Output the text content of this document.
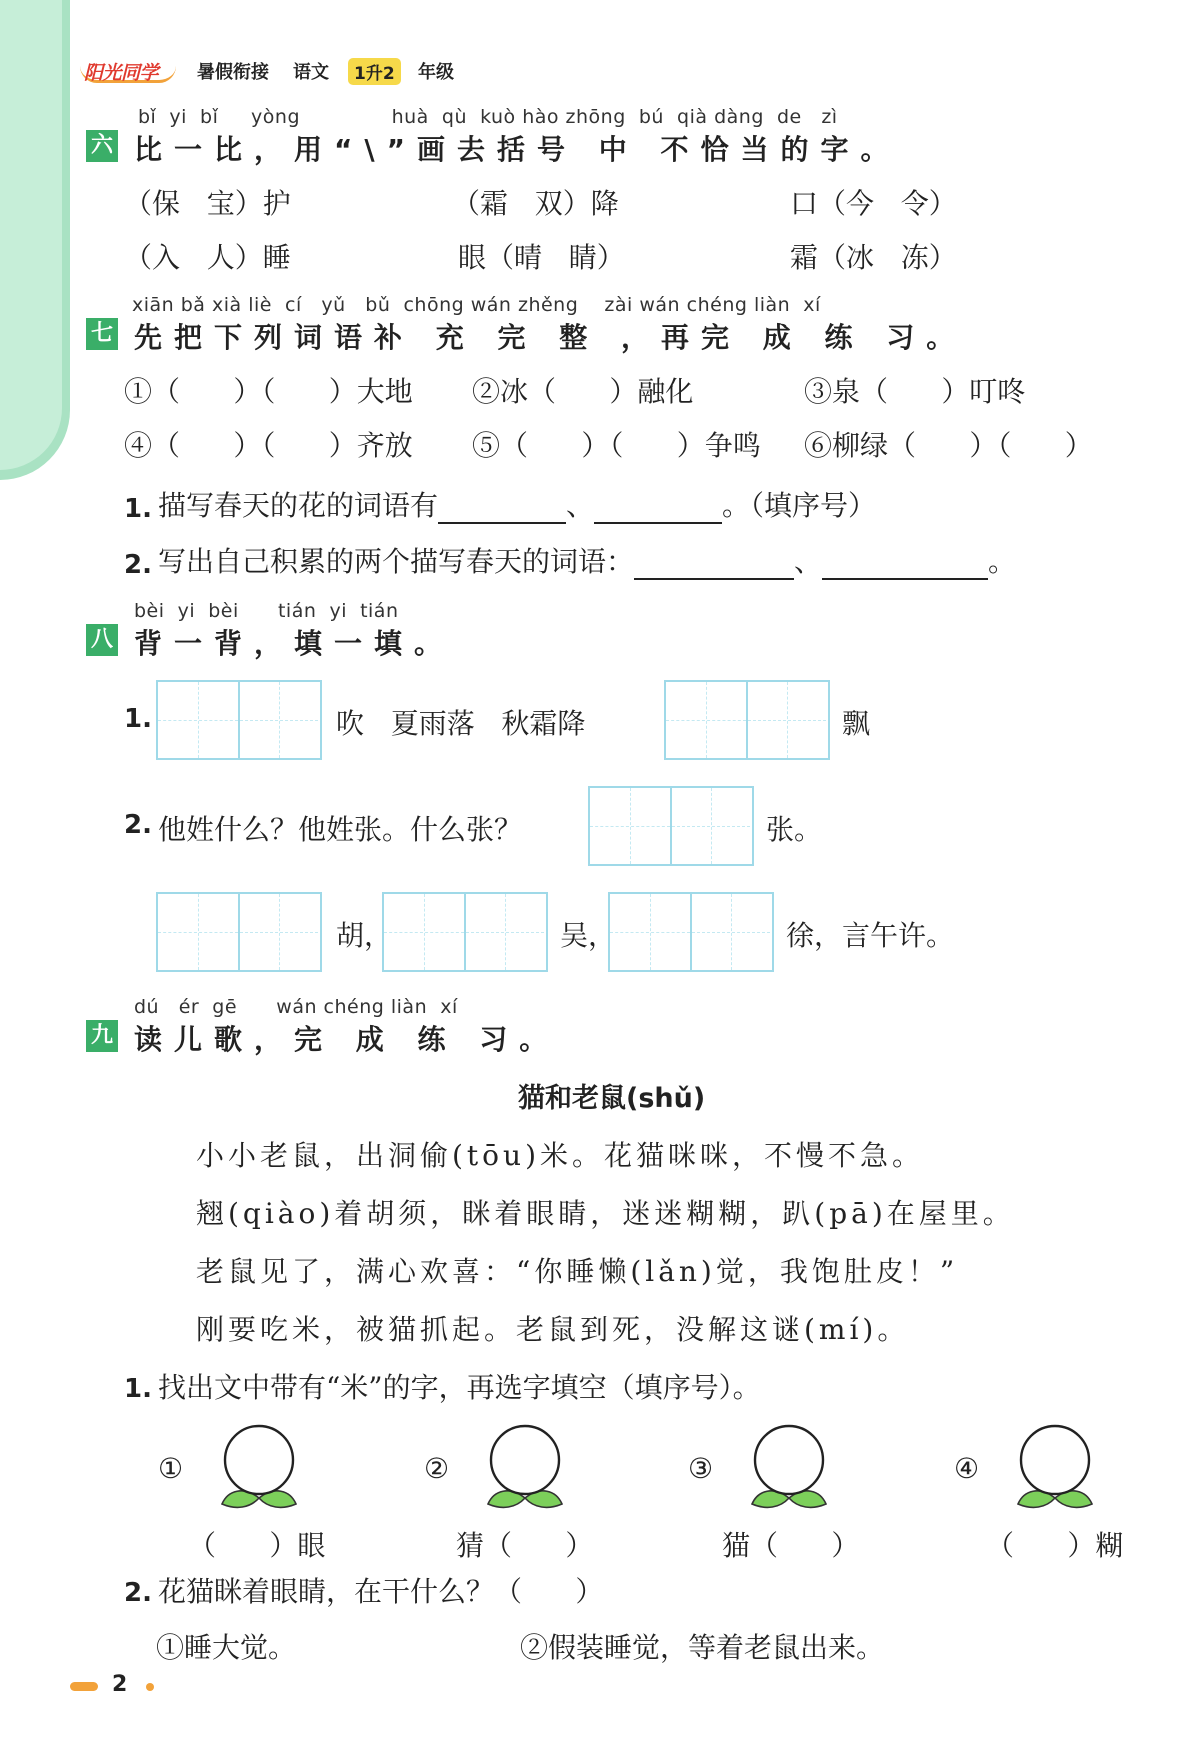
阳光同学 暑假衔接 语文	1升2	年级
bǐ  yi  bǐ     yòng              huà  qù  kuò hào zhōng  bú  qià dàng  de   zì
六 比一比，用“\”画去括号 中 不恰当的字。
（保   宝）护	（霜   双）降	口（今   令）
（入   人）睡	眼（晴   睛）	霜（冰   冻）
xiān bǎ xià liè  cí   yǔ   bǔ  chōng wán zhěng    zài wán chéng liàn  xí
七 先把下列词语补 充 完 整 ，再完 成 练 习。
①（      ）（      ）大地 ②冰（      ）融化	③泉（      ）叮咚
④（      ）（      ）齐放 ⑤（      ）（      ）争鸣 ⑥柳绿（      ）（      ）
1. 描写春天的花的词语有	、	。（填序号）
2. 写出自己积累的两个描写春天的词语：	、	。
bèi  yi  bèi      tián  yi  tián
八 背一背，填一填。
1.	吹   夏雨落   秋霜降	飘
2. 他姓什么？他姓张。什么张？	张。
胡，	吴，	徐，言午许。
dú   ér  gē      wán chéng liàn  xí
九 读儿歌，完 成 练 习。
猫和老鼠(shǔ)
小小老鼠，出洞偷(tōu)米。花猫咪咪，不慢不急。
翘(qiào)着胡须，眯着眼睛，迷迷糊糊，趴(pā)在屋里。
老鼠见了，满心欢喜：“你睡懒(lǎn)觉，我饱肚皮！”
刚要吃米，被猫抓起。老鼠到死，没解这谜(mí)。
1. 找出文中带有“米”的字，再选字填空（填序号）。
①	②	③	④
（      ）眼	猜（      ）	猫（      ）	（      ）糊
2. 花猫眯着眼睛，在干什么？（      ）
①睡大觉。	②假装睡觉，等着老鼠出来。
2
